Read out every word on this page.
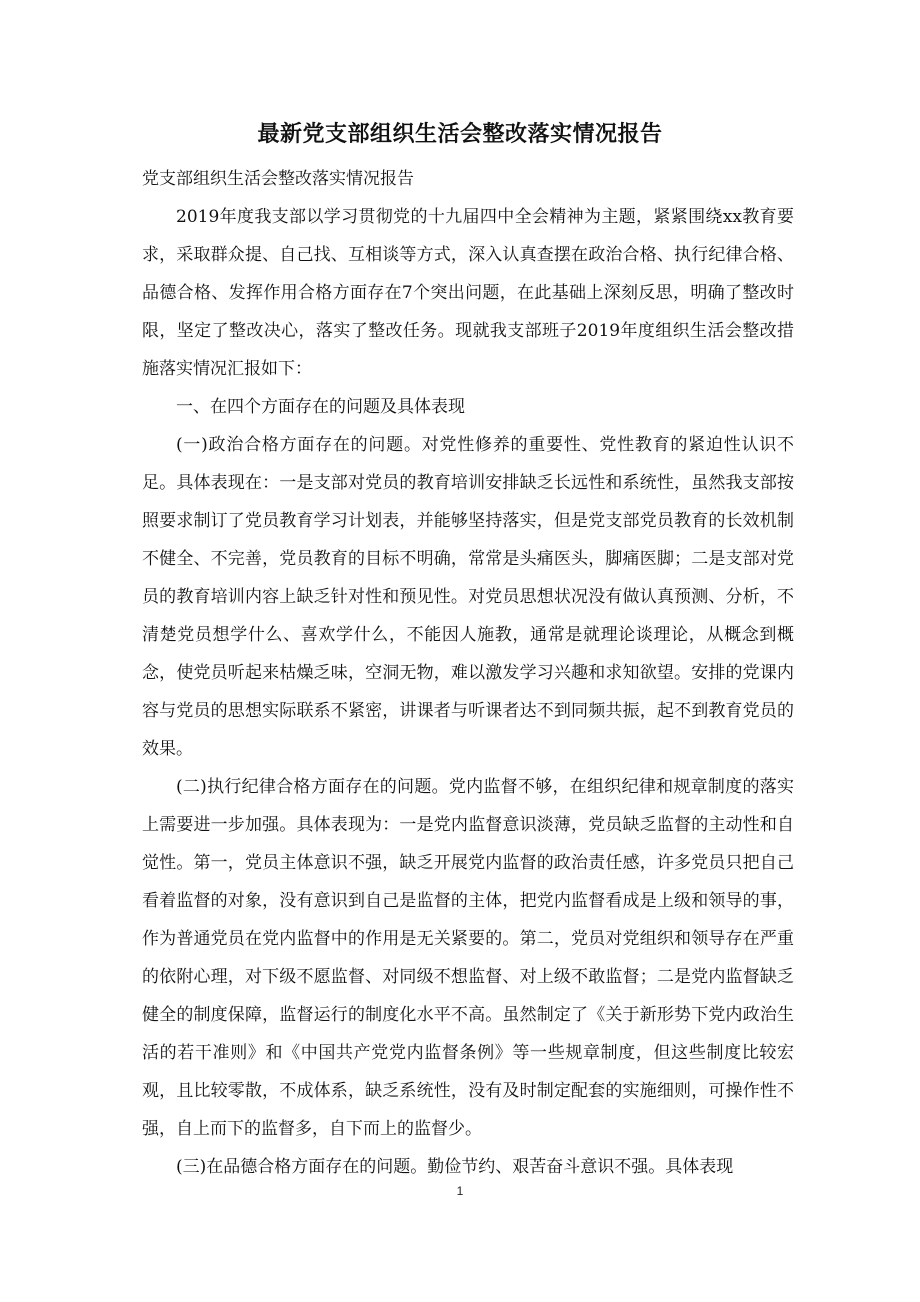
最新党支部组织生活会整改落实情况报告

党支部组织生活会整改落实情况报告

2019年度我支部以学习贯彻党的十九届四中全会精神为主题，紧紧围绕xx教育要求，采取群众提、自己找、互相谈等方式，深入认真查摆在政治合格、执行纪律合格、品德合格、发挥作用合格方面存在7个突出问题，在此基础上深刻反思，明确了整改时限，坚定了整改决心，落实了整改任务。现就我支部班子2019年度组织生活会整改措施落实情况汇报如下：

一、在四个方面存在的问题及具体表现

(一)政治合格方面存在的问题。对党性修养的重要性、党性教育的紧迫性认识不足。具体表现在：一是支部对党员的教育培训安排缺乏长远性和系统性，虽然我支部按照要求制订了党员教育学习计划表，并能够坚持落实，但是党支部党员教育的长效机制不健全、不完善，党员教育的目标不明确，常常是头痛医头，脚痛医脚；二是支部对党员的教育培训内容上缺乏针对性和预见性。对党员思想状况没有做认真预测、分析，不清楚党员想学什么、喜欢学什么，不能因人施教，通常是就理论谈理论，从概念到概念，使党员听起来枯燥乏味，空洞无物，难以激发学习兴趣和求知欲望。安排的党课内容与党员的思想实际联系不紧密，讲课者与听课者达不到同频共振，起不到教育党员的效果。

(二)执行纪律合格方面存在的问题。党内监督不够，在组织纪律和规章制度的落实上需要进一步加强。具体表现为：一是党内监督意识淡薄，党员缺乏监督的主动性和自觉性。第一，党员主体意识不强，缺乏开展党内监督的政治责任感，许多党员只把自己看着监督的对象，没有意识到自己是监督的主体，把党内监督看成是上级和领导的事，作为普通党员在党内监督中的作用是无关紧要的。第二，党员对党组织和领导存在严重的依附心理，对下级不愿监督、对同级不想监督、对上级不敢监督；二是党内监督缺乏健全的制度保障，监督运行的制度化水平不高。虽然制定了《关于新形势下党内政治生活的若干准则》和《中国共产党党内监督条例》等一些规章制度，但这些制度比较宏观，且比较零散，不成体系，缺乏系统性，没有及时制定配套的实施细则，可操作性不强，自上而下的监督多，自下而上的监督少。

(三)在品德合格方面存在的问题。勤俭节约、艰苦奋斗意识不强。具体表现

1
